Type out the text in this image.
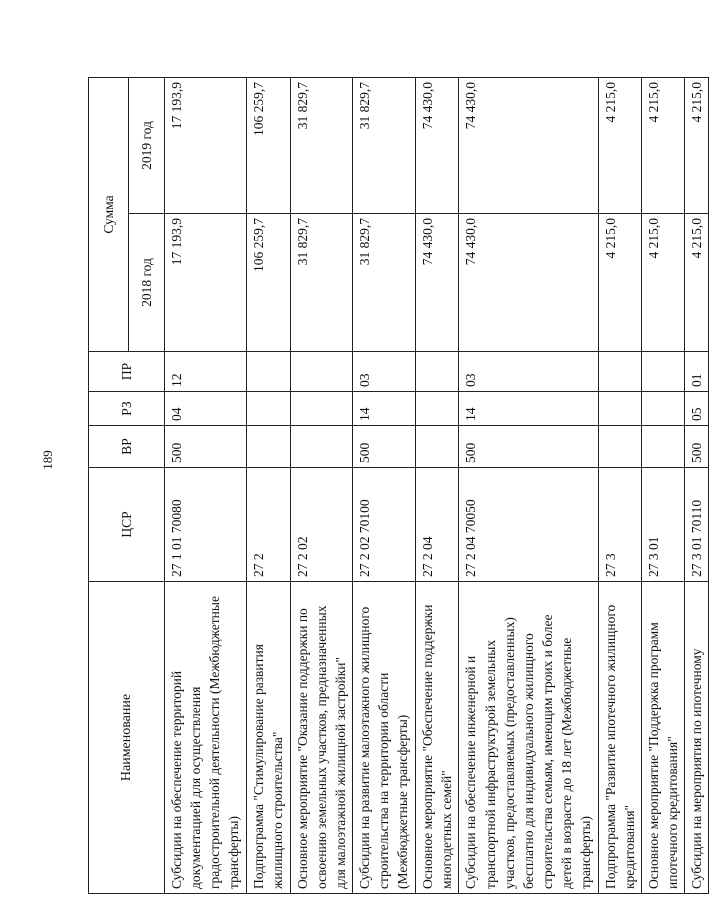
189
Наименование	ЦСР	ВР	РЗ	ПР	Сумма	
					2018 год	2019 год
Субсидии на обеспечение территорий документацией для осуществления градостроительной деятельности (Межбюджетные трансферты)	27 1 01 70080	500	04	12	17 193,9	17 193,9
Подпрограмма "Стимулирование развития жилищного строительства"	27 2				106 259,7	106 259,7
Основное мероприятие "Оказание поддержки по освоению земельных участков, предназначенных для малоэтажной жилищной застройки"	27 2 02				31 829,7	31 829,7
Субсидии на развитие малоэтажного жилищного строительства на территории области (Межбюджетные трансферты)	27 2 02 70100	500	14	03	31 829,7	31 829,7
Основное мероприятие "Обеспечение поддержки многодетных семей"	27 2 04				74 430,0	74 430,0
Субсидии на обеспечение инженерной и транспортной инфраструктурой земельных участков, предоставляемых (предоставленных) бесплатно для индивидуального жилищного строительства семьям, имеющим троих и более детей в возрасте до 18 лет (Межбюджетные трансферты)	27 2 04 70050	500	14	03	74 430,0	74 430,0
Подпрограмма "Развитие ипотечного жилищного кредитования"	27 3				4 215,0	4 215,0
Основное мероприятие "Поддержка программ ипотечного кредитования"	27 3 01				4 215,0	4 215,0
Субсидии на мероприятия по ипотечному	27 3 01 70110	500	05	01	4 215,0	4 215,0
